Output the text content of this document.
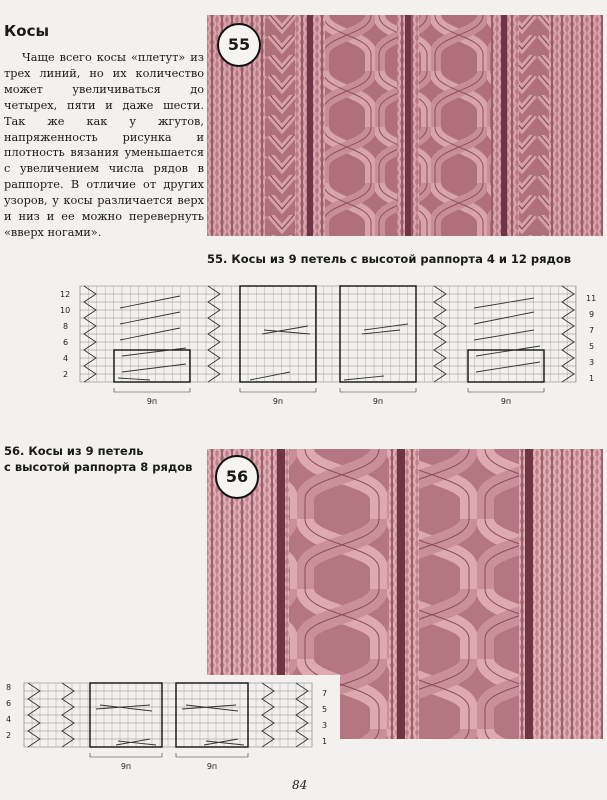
Косы

Чаще всего косы «плетут» из трех линий, но их количество может увеличиваться до четырех, пяти и даже шести. Так же как у жгутов, напряженность рисунка и плотность вязания уменьшается с увеличением числа рядов в раппорте. В отличие от других узоров, у косы различается верх и низ и ее можно перевернуть «вверх ногами».

55
55. Косы из 9 петель с высотой раппорта 4 и 12 рядов
12
10
8
6
4
2
11
9
7
5
3
1
9п	9п	9п	9п
56. Косы из 9 петель
с высотой раппорта 8 рядов	56
8
6
4
2
7
5
3
1
9п	9п
84
